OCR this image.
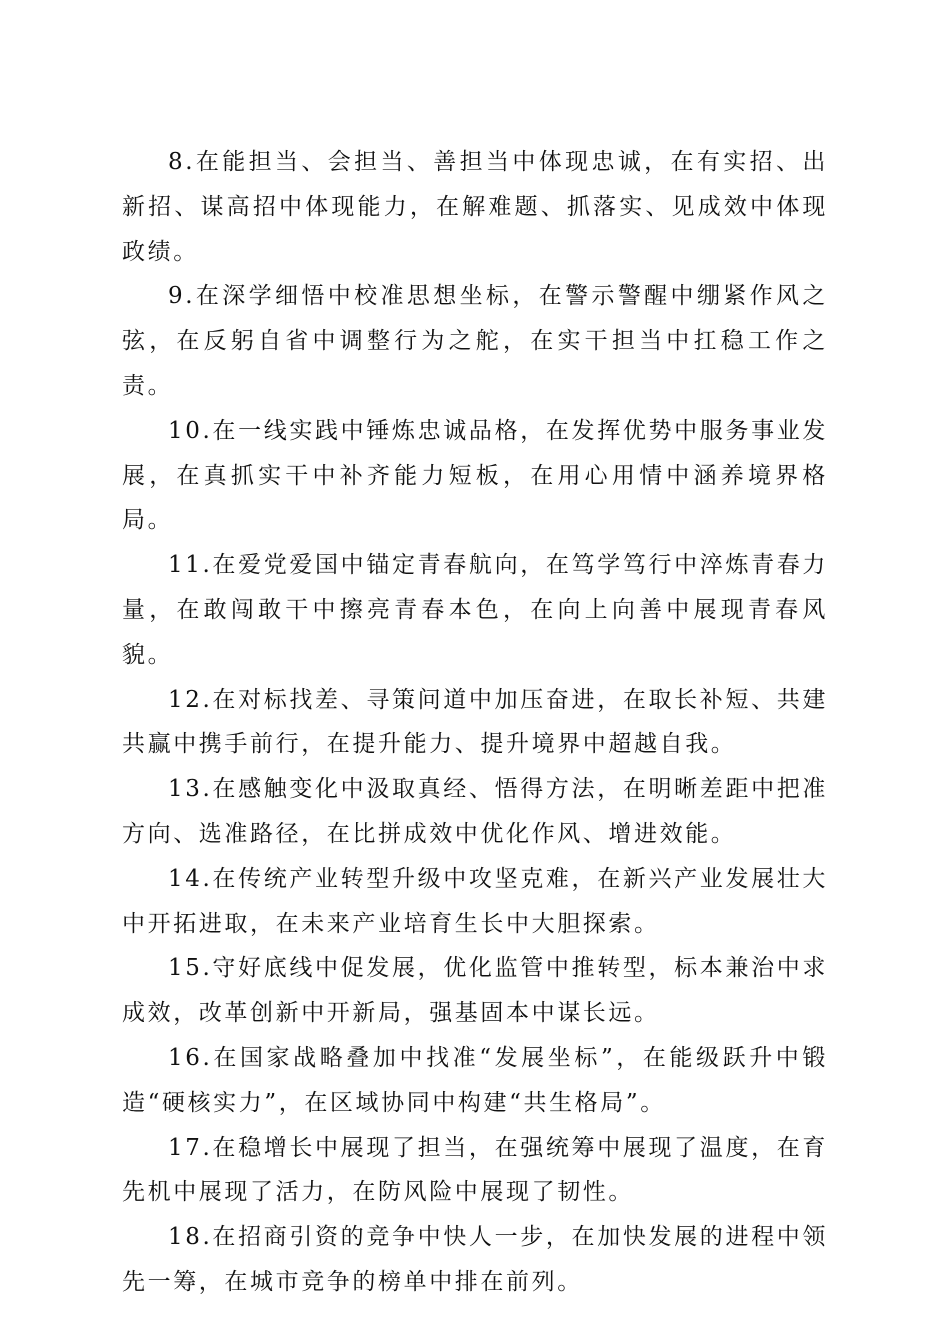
8.在能担当、会担当、善担当中体现忠诚，在有实招、出新招、谋高招中体现能力，在解难题、抓落实、见成效中体现政绩。

9.在深学细悟中校准思想坐标，在警示警醒中绷紧作风之弦，在反躬自省中调整行为之舵，在实干担当中扛稳工作之责。

10.在一线实践中锤炼忠诚品格，在发挥优势中服务事业发展，在真抓实干中补齐能力短板，在用心用情中涵养境界格局。

11.在爱党爱国中锚定青春航向，在笃学笃行中淬炼青春力量，在敢闯敢干中擦亮青春本色，在向上向善中展现青春风貌。

12.在对标找差、寻策问道中加压奋进，在取长补短、共建共赢中携手前行，在提升能力、提升境界中超越自我。

13.在感触变化中汲取真经、悟得方法，在明晰差距中把准方向、选准路径，在比拼成效中优化作风、增进效能。

14.在传统产业转型升级中攻坚克难，在新兴产业发展壮大中开拓进取，在未来产业培育生长中大胆探索。

15.守好底线中促发展，优化监管中推转型，标本兼治中求成效，改革创新中开新局，强基固本中谋长远。

16.在国家战略叠加中找准“发展坐标”，在能级跃升中锻造“硬核实力”，在区域协同中构建“共生格局”。

17.在稳增长中展现了担当，在强统筹中展现了温度，在育先机中展现了活力，在防风险中展现了韧性。

18.在招商引资的竞争中快人一步，在加快发展的进程中领先一筹，在城市竞争的榜单中排在前列。
